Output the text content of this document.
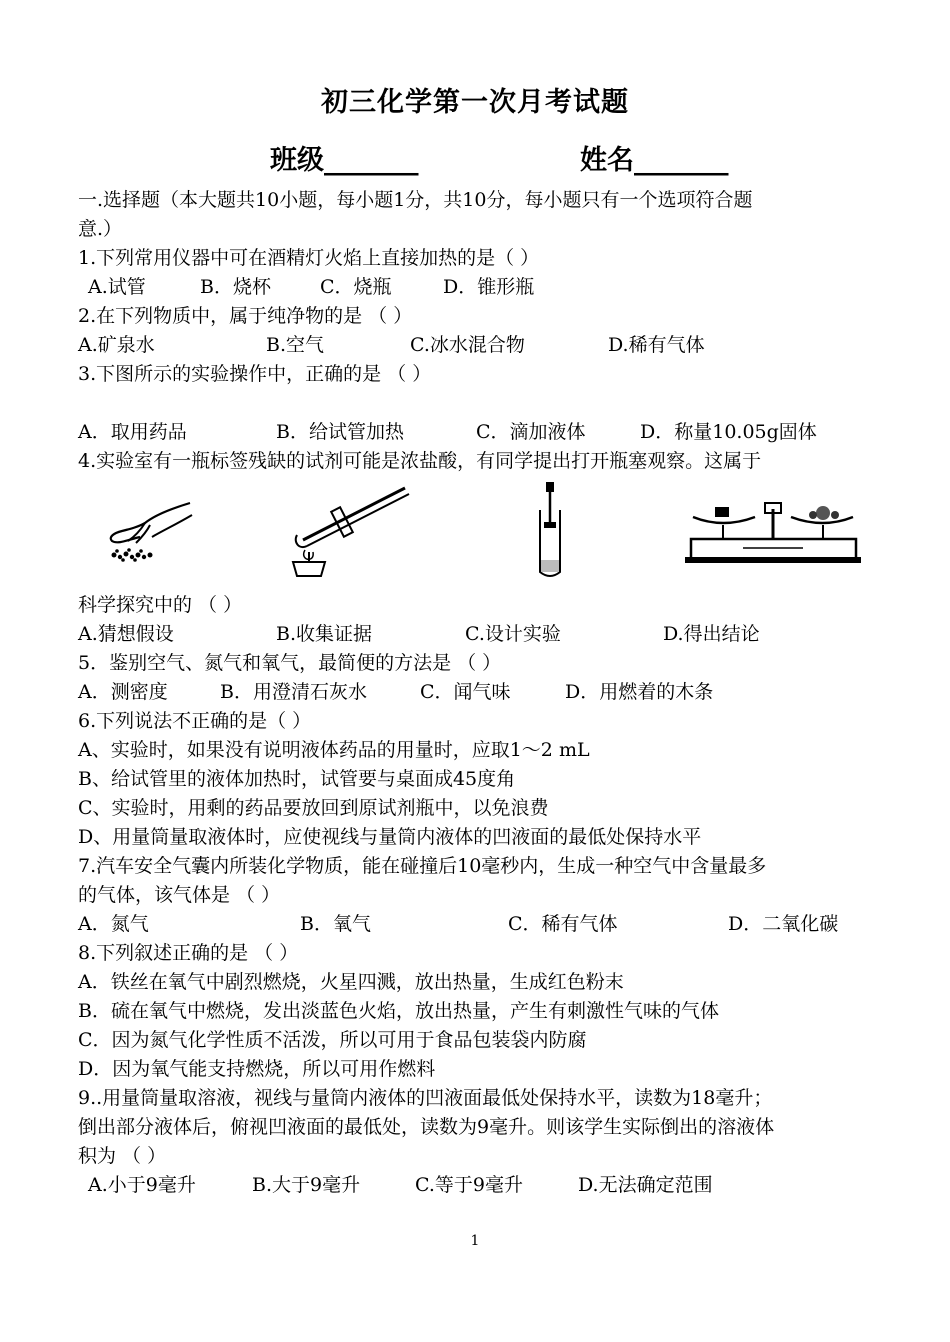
初三化学第一次月考试题
班级_______	姓名_______
一.选择题（本大题共10小题，每小题1分，共10分，每小题只有一个选项符合题
意.）
1.下列常用仪器中可在酒精灯火焰上直接加热的是（ ）
A.试管	B．烧杯	C．烧瓶	D．锥形瓶
2.在下列物质中，属于纯净物的是 （ ）
A.矿泉水	B.空气	C.冰水混合物	D.稀有气体
3.下图所示的实验操作中，正确的是 （ ）
A．取用药品	B．给试管加热	C．滴加液体	D．称量10.05g固体
4.实验室有一瓶标签残缺的试剂可能是浓盐酸，有同学提出打开瓶塞观察。这属于
科学探究中的 （ ）
A.猜想假设	B.收集证据	C.设计实验	D.得出结论
5．鉴别空气、氮气和氧气，最简便的方法是 （ ）
A．测密度	B．用澄清石灰水	C．闻气味	D．用燃着的木条
6.下列说法不正确的是（ ）
A、实验时，如果没有说明液体药品的用量时，应取1～2 mL
B、给试管里的液体加热时，试管要与桌面成45度角
C、实验时，用剩的药品要放回到原试剂瓶中，以免浪费
D、用量筒量取液体时，应使视线与量筒内液体的凹液面的最低处保持水平
7.汽车安全气囊内所装化学物质，能在碰撞后10毫秒内，生成一种空气中含量最多
的气体，该气体是 （ ）
A．氮气	B．氧气	C．稀有气体	D．二氧化碳
8.下列叙述正确的是 （ ）
A．铁丝在氧气中剧烈燃烧，火星四溅，放出热量，生成红色粉末
B．硫在氧气中燃烧，发出淡蓝色火焰，放出热量，产生有刺激性气味的气体
C．因为氮气化学性质不活泼，所以可用于食品包装袋内防腐
D．因为氧气能支持燃烧，所以可用作燃料
9..用量筒量取溶液，视线与量筒内液体的凹液面最低处保持水平，读数为18毫升；
倒出部分液体后，俯视凹液面的最低处，读数为9毫升。则该学生实际倒出的溶液体
积为 （ ）
A.小于9毫升	B.大于9毫升	C.等于9毫升	D.无法确定范围
1
